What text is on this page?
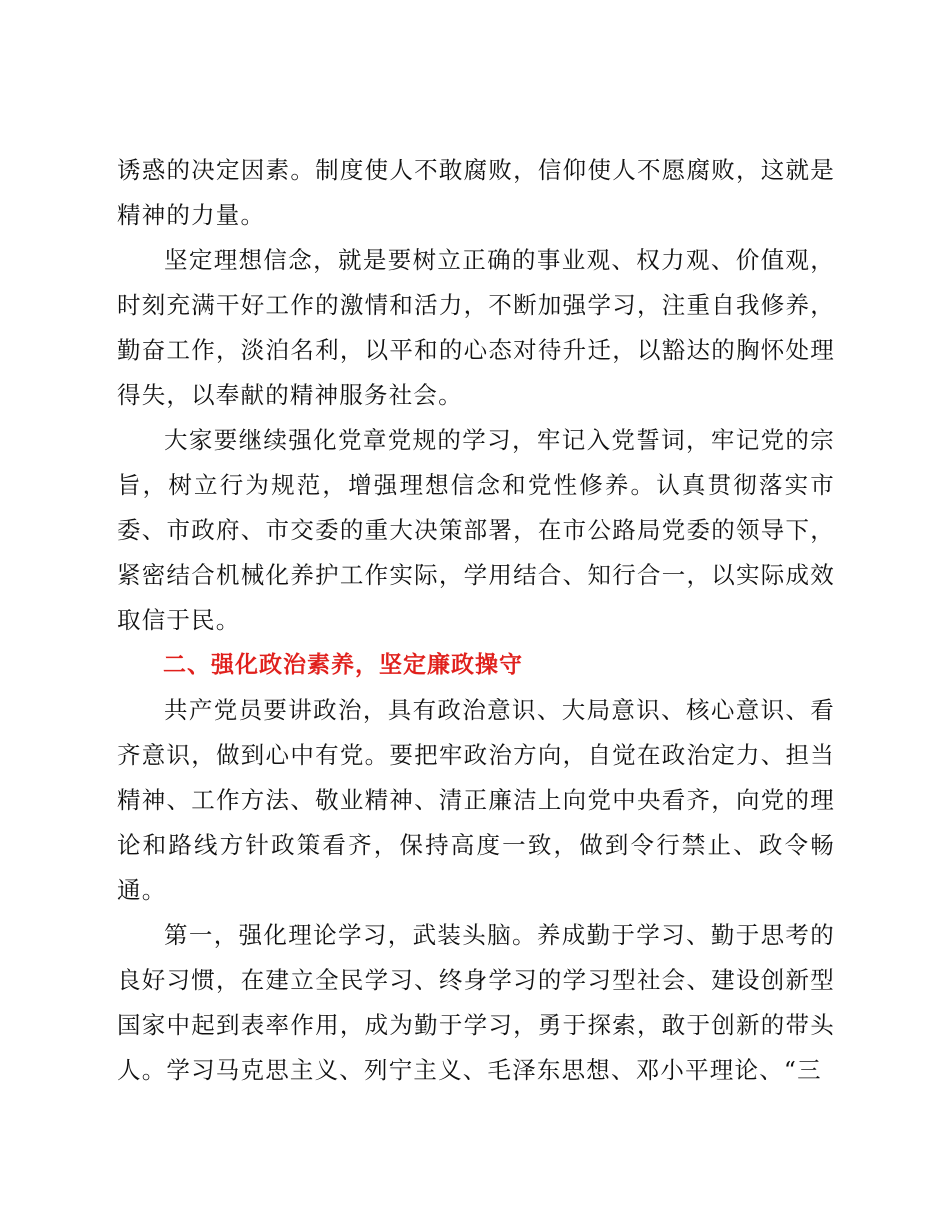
诱惑的决定因素。制度使人不敢腐败，信仰使人不愿腐败，这就是精神的力量。

坚定理想信念，就是要树立正确的事业观、权力观、价值观，时刻充满干好工作的激情和活力，不断加强学习，注重自我修养，勤奋工作，淡泊名利，以平和的心态对待升迁，以豁达的胸怀处理得失，以奉献的精神服务社会。

大家要继续强化党章党规的学习，牢记入党誓词，牢记党的宗旨，树立行为规范，增强理想信念和党性修养。认真贯彻落实市委、市政府、市交委的重大决策部署，在市公路局党委的领导下，紧密结合机械化养护工作实际，学用结合、知行合一，以实际成效取信于民。

二、强化政治素养，坚定廉政操守

共产党员要讲政治，具有政治意识、大局意识、核心意识、看齐意识，做到心中有党。要把牢政治方向，自觉在政治定力、担当精神、工作方法、敬业精神、清正廉洁上向党中央看齐，向党的理论和路线方针政策看齐，保持高度一致，做到令行禁止、政令畅通。

第一，强化理论学习，武装头脑。养成勤于学习、勤于思考的良好习惯，在建立全民学习、终身学习的学习型社会、建设创新型国家中起到表率作用，成为勤于学习，勇于探索，敢于创新的带头人。学习马克思主义、列宁主义、毛泽东思想、邓小平理论、“三
